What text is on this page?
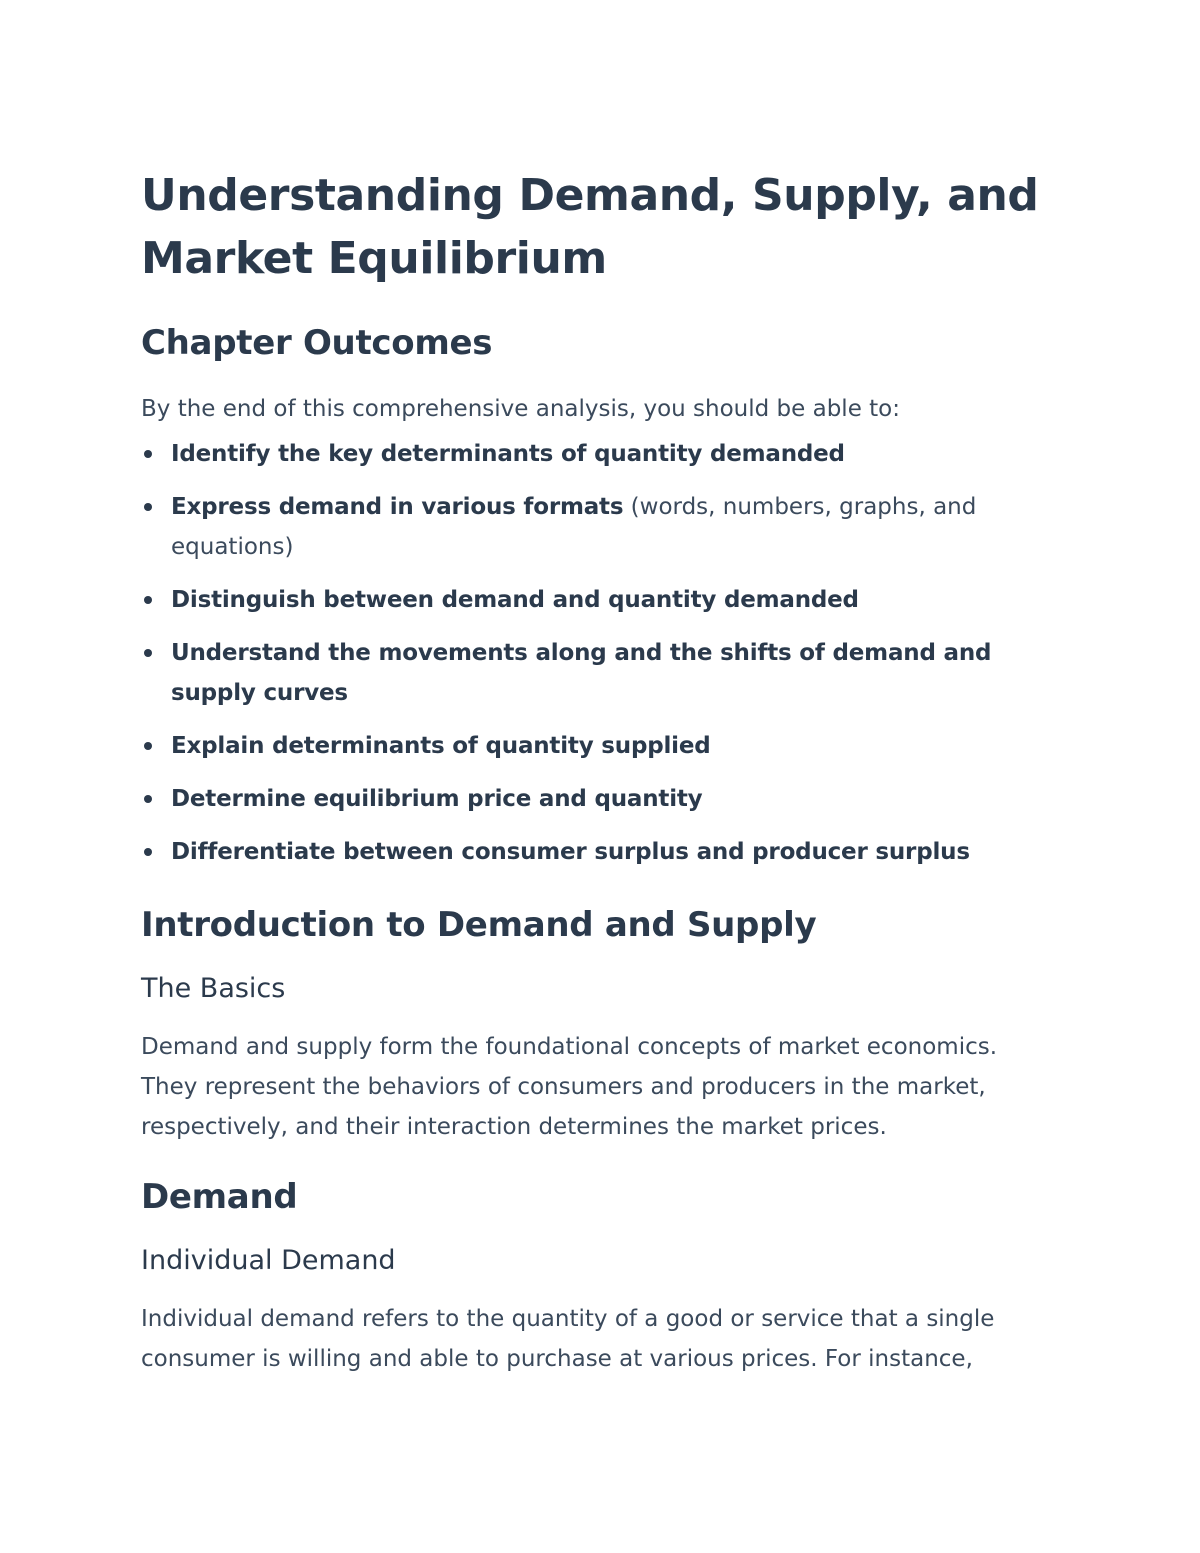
Understanding Demand, Supply, and
Market Equilibrium
Chapter Outcomes

By the end of this comprehensive analysis, you should be able to:

Identify the key determinants of quantity demanded
Express demand in various formats (words, numbers, graphs, and
equations)
Distinguish between demand and quantity demanded
Understand the movements along and the shifts of demand and
supply curves
Explain determinants of quantity supplied
Determine equilibrium price and quantity
Differentiate between consumer surplus and producer surplus
Introduction to Demand and Supply
The Basics

Demand and supply form the foundational concepts of market economics.
They represent the behaviors of consumers and producers in the market,
respectively, and their interaction determines the market prices.

Demand
Individual Demand

Individual demand refers to the quantity of a good or service that a single
consumer is willing and able to purchase at various prices. For instance,
